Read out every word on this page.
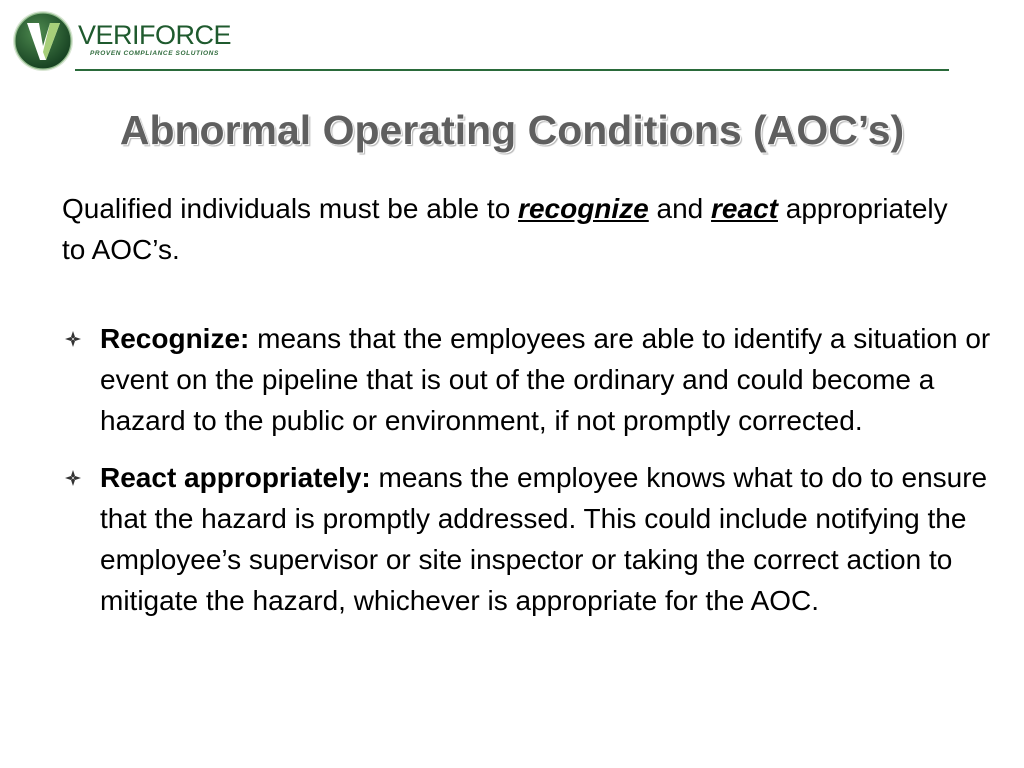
VERIFORCE
PROVEN COMPLIANCE SOLUTIONS
Abnormal Operating Conditions (AOC’s)
Qualified individuals must be able to recognize and react appropriately to AOC’s.
Recognize: means that the employees are able to identify a situation or event on the pipeline that is out of the ordinary and could become a hazard to the public or environment, if not promptly corrected.
React appropriately: means the employee knows what to do to ensure that the hazard is promptly addressed. This could include notifying the employee’s supervisor or site inspector or taking the correct action to mitigate the hazard, whichever is appropriate for the AOC.
